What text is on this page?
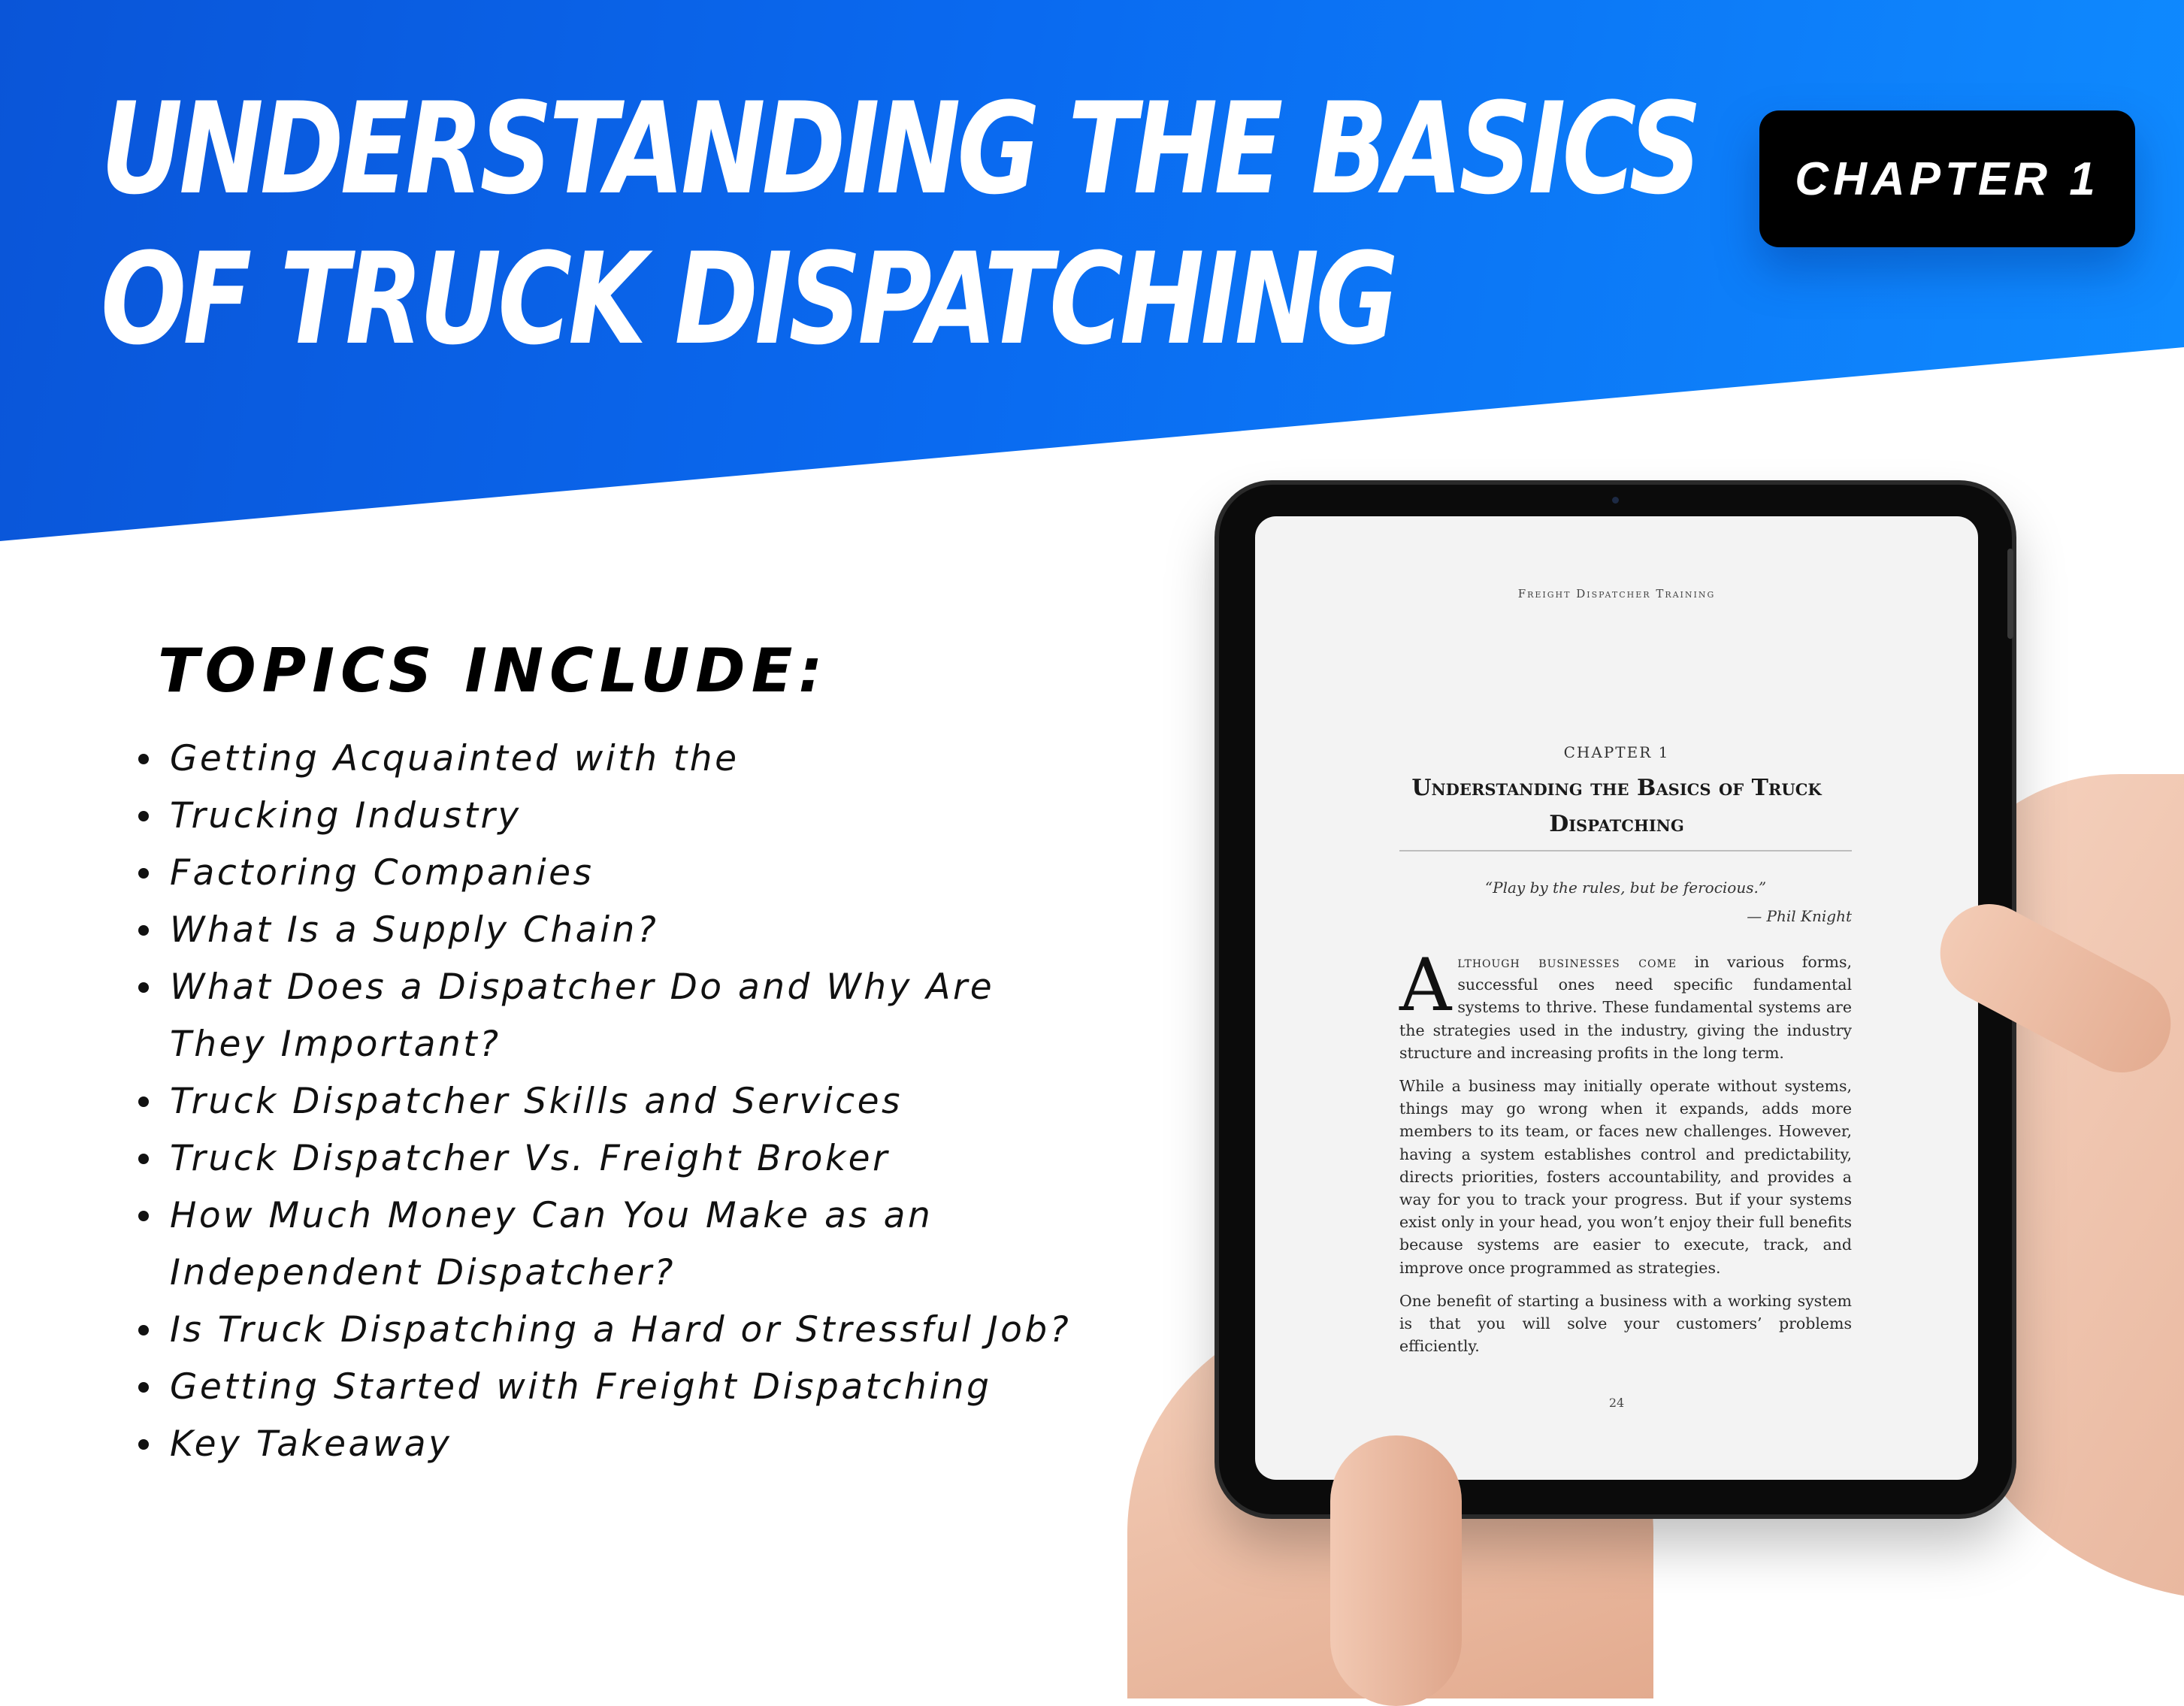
UNDERSTANDING THE BASICS
OF TRUCK DISPATCHING
CHAPTER 1
TOPICS INCLUDE:
Getting Acquainted with the
Trucking Industry
Factoring Companies
What Is a Supply Chain?
What Does a Dispatcher Do and Why Are They Important?
Truck Dispatcher Skills and Services
Truck Dispatcher Vs. Freight Broker
How Much Money Can You Make as an Independent Dispatcher?
Is Truck Dispatching a Hard or Stressful Job?
Getting Started with Freight Dispatching
Key Takeaway
Freight Dispatcher Training
CHAPTER 1
Understanding the Basics of Truck Dispatching
“Play by the rules, but be ferocious.”
— Phil Knight

Although businesses come in various forms, successful ones need specific fundamental systems to thrive. These fundamental systems are the strategies used in the industry, giving the industry structure and increasing profits in the long term.

While a business may initially operate without systems, things may go wrong when it expands, adds more members to its team, or faces new challenges. However, having a system establishes control and predictability, directs priorities, fosters accountability, and provides a way for you to track your progress. But if your systems exist only in your head, you won’t enjoy their full benefits because systems are easier to execute, track, and improve once programmed as strategies.

One benefit of starting a business with a working system is that you will solve your customers’ problems efficiently.

24
